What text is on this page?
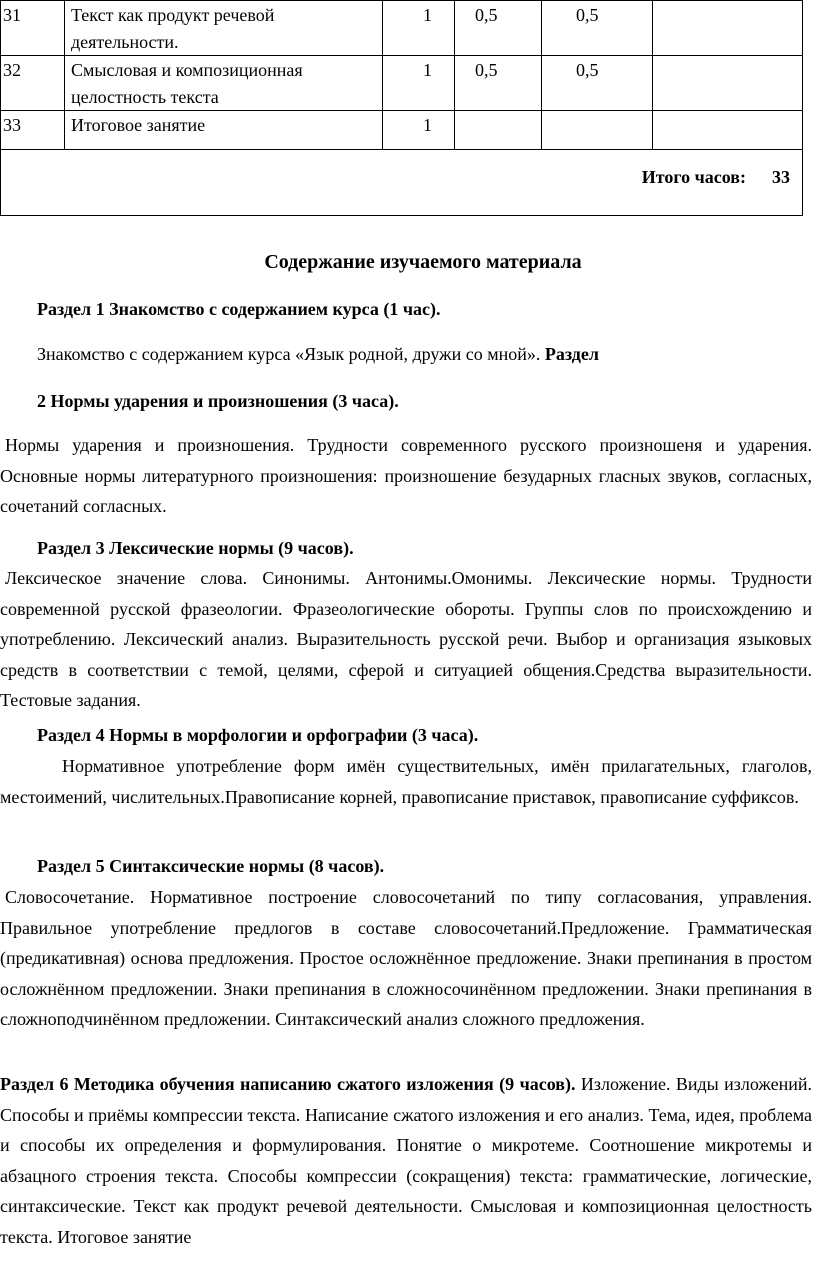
31	Текст как продукт речевой деятельности.	1	0,5	0,5	
32	Смысловая и композиционная целостность текста	1	0,5	0,5	
33	Итоговое занятие	1			
Итого часов: 33					
Содержание изучаемого материала
Раздел 1 Знакомство с содержанием курса (1 час).
Знакомство с содержанием курса «Язык родной, дружи со мной». Раздел
2 Нормы ударения и произношения (3 часа).
Нормы ударения и произношения. Трудности современного русского произношеня и ударения. Основные нормы литературного произношения: произношение безударных гласных звуков, согласных, сочетаний согласных.
Раздел 3 Лексические нормы (9 часов).
Лексическое значение слова. Синонимы. Антонимы.Омонимы. Лексические нормы. Трудности современной русской фразеологии. Фразеологические обороты. Группы слов по происхождению и употреблению. Лексический анализ. Выразительность русской речи. Выбор и организация языковых средств в соответствии с темой, целями, сферой и ситуацией общения.Средства выразительности. Тестовые задания.
Раздел 4 Нормы в морфологии и орфографии (3 часа).
Нормативное употребление форм имён существительных, имён прилагательных, глаголов, местоимений, числительных.Правописание корней, правописание приставок, правописание суффиксов.
Раздел 5 Синтаксические нормы (8 часов).
Словосочетание. Нормативное построение словосочетаний по типу согласования, управления. Правильное употребление предлогов в составе словосочетаний.Предложение. Грамматическая (предикативная) основа предложения. Простое осложнённое предложение. Знаки препинания в простом осложнённом предложении. Знаки препинания в сложносочинённом предложении. Знаки препинания в сложноподчинённом предложении. Синтаксический анализ сложного предложения.
Раздел 6 Методика обучения написанию сжатого изложения (9 часов). Изложение. Виды изложений. Способы и приёмы компрессии текста. Написание сжатого изложения и его анализ. Тема, идея, проблема и способы их определения и формулирования. Понятие о микротеме. Соотношение микротемы и абзацного строения текста. Способы компрессии (сокращения) текста: грамматические, логические, синтаксические. Текст как продукт речевой деятельности. Смысловая и композиционная целостность текста. Итоговое занятие
